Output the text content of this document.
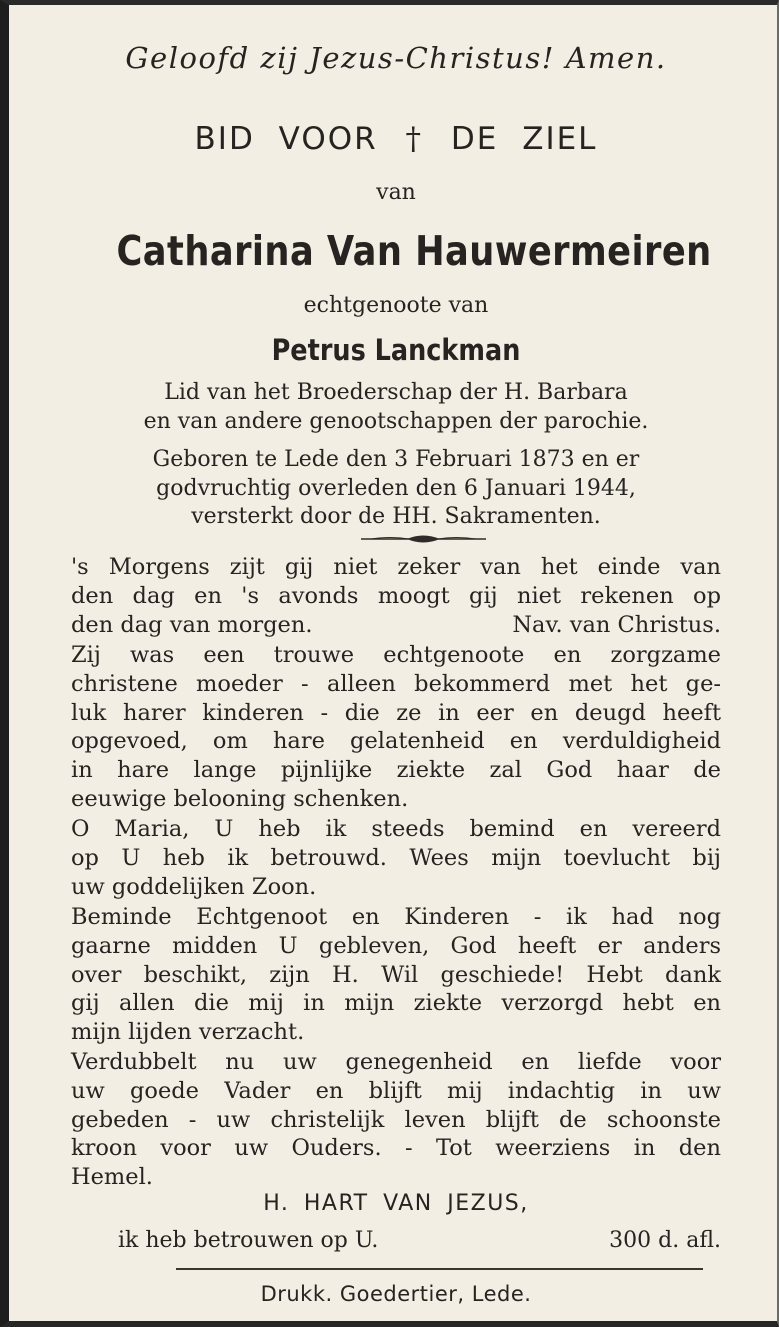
Geloofd zij Jezus-Christus! Amen.
BID VOOR † DE ZIEL
van
Catharina Van Hauwermeiren
echtgenoote van
Petrus Lanckman
Lid van het Broederschap der H. Barbara
en van andere genootschappen der parochie.
Geboren te Lede den 3 Februari 1873 en er
godvruchtig overleden den 6 Januari 1944,
versterkt door de HH. Sakramenten.
's Morgens zijt gij niet zeker van het einde van
den dag en 's avonds moogt gij niet rekenen op
den dag van morgen.	Nav. van Christus.
Zij was een trouwe echtgenoote en zorgzame
christene moeder - alleen bekommerd met het ge-
luk harer kinderen - die ze in eer en deugd heeft
opgevoed, om hare gelatenheid en verduldigheid
in hare lange pijnlijke ziekte zal God haar de
eeuwige belooning schenken.
O Maria, U heb ik steeds bemind en vereerd
op U heb ik betrouwd. Wees mijn toevlucht bij
uw goddelijken Zoon.
Beminde Echtgenoot en Kinderen - ik had nog
gaarne midden U gebleven, God heeft er anders
over beschikt, zijn H. Wil geschiede! Hebt dank
gij allen die mij in mijn ziekte verzorgd hebt en
mijn lijden verzacht.
Verdubbelt nu uw genegenheid en liefde voor
uw goede Vader en blijft mij indachtig in uw
gebeden - uw christelijk leven blijft de schoonste
kroon voor uw Ouders. - Tot weerziens in den
Hemel.
H. HART VAN JEZUS,
ik heb betrouwen op U.	300 d. afl.
Drukk. Goedertier, Lede.
